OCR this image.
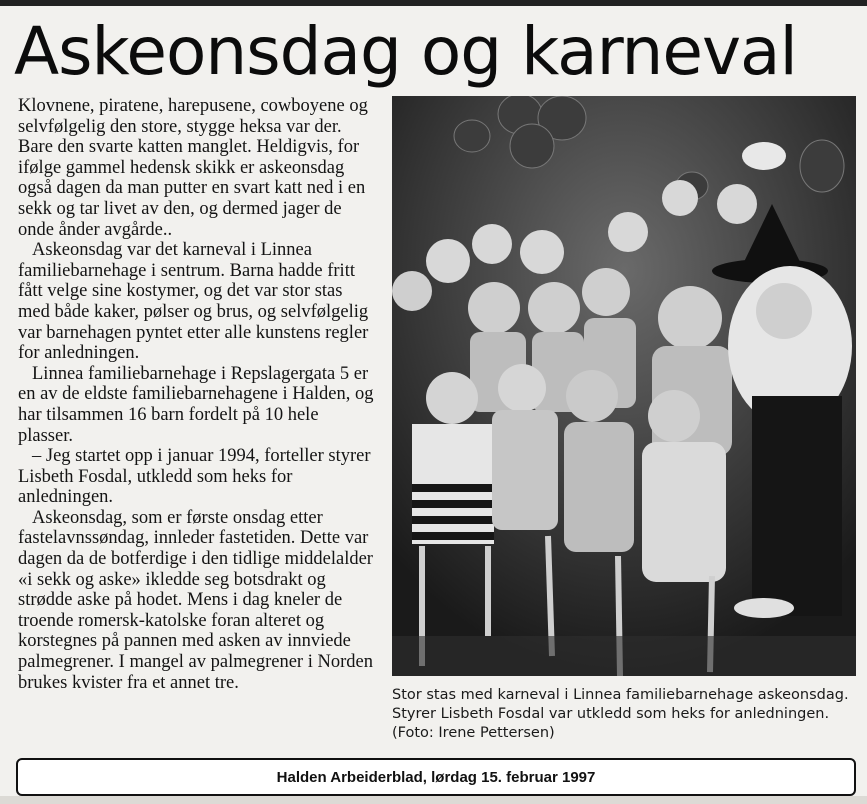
Askeonsdag og karneval

Klovnene, piratene, harepusene, cowboyene og selvfølgelig den store, stygge heksa var der. Bare den svarte katten manglet. Heldigvis, for ifølge gammel hedensk skikk er askeonsdag også dagen da man putter en svart katt ned i en sekk og tar livet av den, og dermed jager de onde ånder avgårde..

Askeonsdag var det karneval i Linnea familiebarnehage i sentrum. Barna hadde fritt fått velge sine kostymer, og det var stor stas med både kaker, pølser og brus, og selvfølgelig var barnehagen pyntet etter alle kunstens regler for anledningen.

Linnea familiebarnehage i Repslagergata 5 er en av de eldste familiebarnehagene i Halden, og har tilsammen 16 barn fordelt på 10 hele plasser.

– Jeg startet opp i januar 1994, forteller styrer Lisbeth Fosdal, utkledd som heks for anledningen.

Askeonsdag, som er første onsdag etter fastelavnssøndag, innleder fastetiden. Dette var dagen da de botferdige i den tidlige middelalder «i sekk og aske» ikledde seg botsdrakt og strødde aske på hodet. Mens i dag kneler de troende romersk-katolske foran alteret og korstegnes på pannen med asken av innviede palmegrener. I mangel av palmegrener i Norden brukes kvister fra et annet tre.

Stor stas med karneval i Linnea familiebarnehage askeonsdag.
Styrer Lisbeth Fosdal var utkledd som heks for anledningen.
(Foto: Irene Pettersen)
Halden Arbeiderblad, lørdag 15. februar 1997
